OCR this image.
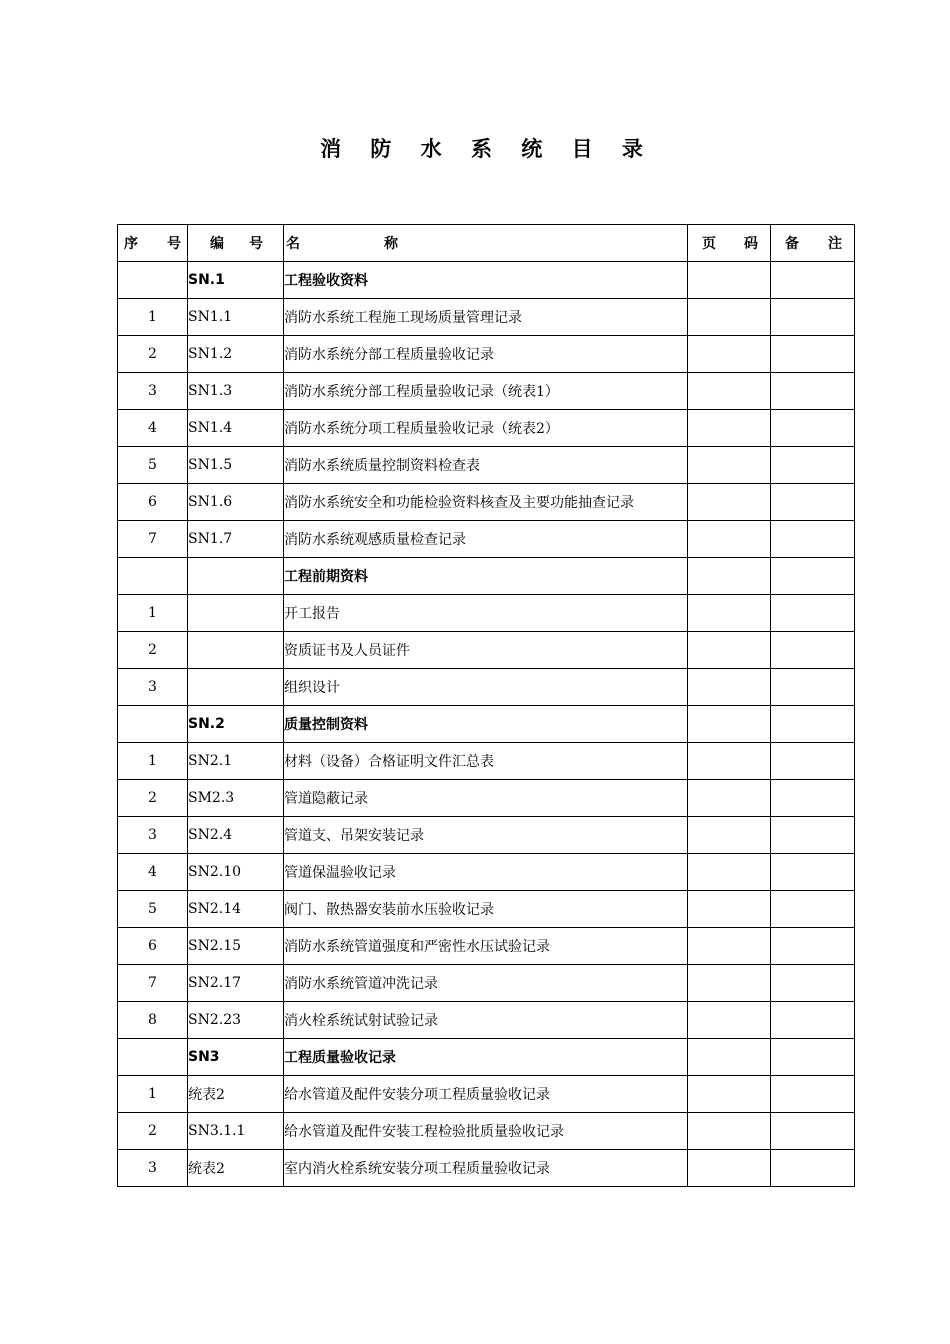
消 防 水 系 统 目 录
序 号	编 号	名 称	页 码	备 注

	SN.1	工程验收资料		
1	SN1.1	消防水系统工程施工现场质量管理记录		
2	SN1.2	消防水系统分部工程质量验收记录		
3	SN1.3	消防水系统分部工程质量验收记录（统表1）		
4	SN1.4	消防水系统分项工程质量验收记录（统表2）		
5	SN1.5	消防水系统质量控制资料检查表		
6	SN1.6	消防水系统安全和功能检验资料核查及主要功能抽查记录		
7	SN1.7	消防水系统观感质量检查记录		
		工程前期资料		
1		开工报告		
2		资质证书及人员证件		
3		组织设计		
	SN.2	质量控制资料		
1	SN2.1	材料（设备）合格证明文件汇总表		
2	SM2.3	管道隐蔽记录		
3	SN2.4	管道支、吊架安装记录		
4	SN2.10	管道保温验收记录		
5	SN2.14	阀门、散热器安装前水压验收记录		
6	SN2.15	消防水系统管道强度和严密性水压试验记录		
7	SN2.17	消防水系统管道冲洗记录		
8	SN2.23	消火栓系统试射试验记录		
	SN3	工程质量验收记录		
1	统表2	给水管道及配件安装分项工程质量验收记录		
2	SN3.1.1	给水管道及配件安装工程检验批质量验收记录		
3	统表2	室内消火栓系统安装分项工程质量验收记录		
